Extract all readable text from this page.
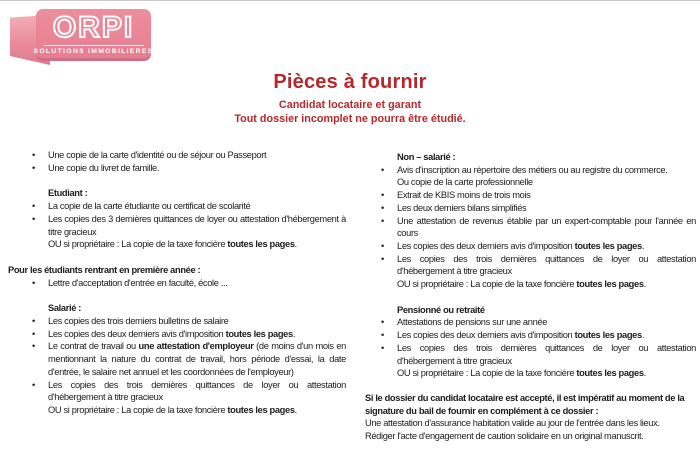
ORPI
SOLUTIONS IMMOBILIERES
Pièces à fournir
Candidat locataire et garant
Tout dossier incomplet ne pourra être étudié.
• Une copie de la carte d'identité ou de séjour ou Passeport
• Une copie du livret de famille.
Etudiant :
• La copie de la carte étudiante ou certificat de scolarité
• Les copies des 3 dernières quittances de loyer ou attestation d'hébergement à titre gracieux
OU si propriétaire : La copie de la taxe foncière toutes les pages.
Pour les étudiants rentrant en première année :
• Lettre d'acceptation d'entrée en faculté, école ...
Salarié :
• Les copies des trois derniers bulletins de salaire
• Les copies des deux derniers avis d'imposition toutes les pages.
• Le contrat de travail ou une attestation d'employeur (de moins d'un mois en mentionnant la nature du contrat de travail, hors période d'essai, la date d'entrée, le salaire net annuel et les coordonnées de l'employeur)
• Les copies des trois dernières quittances de loyer ou attestation d'hébergement à titre gracieux
OU si propriétaire : La copie de la taxe foncière toutes les pages.
Non – salarié :
• Avis d'inscription au répertoire des métiers ou au registre du commerce.
Ou copie de la carte professionnelle
• Extrait de KBIS moins de trois mois
• Les deux derniers bilans simplifiés
• Une attestation de revenus établie par un expert-comptable pour l'année en cours
• Les copies des deux derniers avis d'imposition toutes les pages.
• Les copies des trois dernières quittances de loyer ou attestation d'hébergement à titre gracieux
OU si propriétaire : La copie de la taxe foncière toutes les pages.
Pensionné ou retraité
• Attestations de pensions sur une année
• Les copies des deux derniers avis d'imposition toutes les pages.
• Les copies des trois dernières quittances de loyer ou attestation d'hébergement à titre gracieux
OU si propriétaire : La copie de la taxe foncière toutes les pages.
Si le dossier du candidat locataire est accepté, il est impératif au moment de la signature du bail de fournir en complément à ce dossier :
Une attestation d'assurance habitation valide au jour de l'entrée dans les lieux.
Rédiger l'acte d'engagement de caution solidaire en un original manuscrit.
